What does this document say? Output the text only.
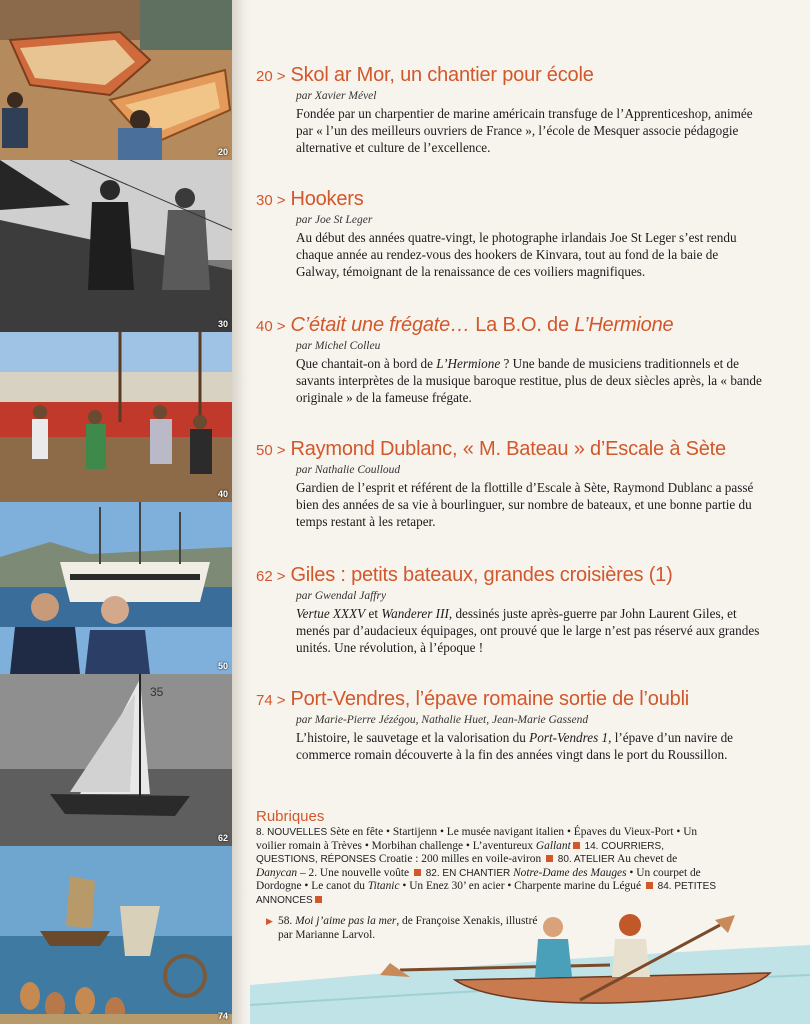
20
30
40
50
35
62
74
20 > Skol ar Mor, un chantier pour école
par Xavier Mével
Fondée par un charpentier de marine américain transfuge de l’Apprenticeshop, animée par « l’un des meilleurs ouvriers de France », l’école de Mesquer associe pédagogie alternative et culture de l’excellence.
30 > Hookers
par Joe St Leger
Au début des années quatre-vingt, le photographe irlandais Joe St Leger s’est rendu chaque année au rendez-vous des hookers de Kinvara, tout au fond de la baie de Galway, témoignant de la renaissance de ces voiliers magnifiques.
40 > C’était une frégate… La B.O. de L’Hermione
par Michel Colleu
Que chantait-on à bord de L’Hermione ? Une bande de musiciens traditionnels et de savants interprètes de la musique baroque restitue, plus de deux siècles après, la « bande originale » de la fameuse frégate.
50 > Raymond Dublanc, « M. Bateau » d’Escale à Sète
par Nathalie Coulloud
Gardien de l’esprit et référent de la flottille d’Escale à Sète, Raymond Dublanc a passé bien des années de sa vie à bourlinguer, sur nombre de bateaux, et une bonne partie du temps restant à les retaper.
62 > Giles : petits bateaux, grandes croisières (1)
par Gwendal Jaffry
Vertue XXXV et Wanderer III, dessinés juste après-guerre par John Laurent Giles, et menés par d’audacieux équipages, ont prouvé que le large n’est pas réservé aux grandes unités. Une révolution, à l’époque !
74 > Port-Vendres, l’épave romaine sortie de l’oubli
par Marie-Pierre Jézégou, Nathalie Huet, Jean-Marie Gassend
L’histoire, le sauvetage et la valorisation du Port-Vendres 1, l’épave d’un navire de commerce romain découverte à la fin des années vingt dans le port du Roussillon.
Rubriques
8. NOUVELLES Sète en fête • Startijenn • Le musée navigant italien • Épaves du Vieux-Port • Un voilier romain à Trèves • Morbihan challenge • L’aventureux Gallant 14. COURRIERS, QUESTIONS, RÉPONSES Croatie : 200 milles en voile-aviron  80. ATELIER Au chevet de Danycan – 2. Une nouvelle voûte  82. EN CHANTIER Notre-Dame des Mauges • Un courpet de Dordogne • Le canot du Titanic • Un Enez 30’ en acier • Charpente marine du Légué  84. PETITES ANNONCES
▶ 58. Moi j’aime pas la mer, de Françoise Xenakis, illustré par Marianne Larvol.
